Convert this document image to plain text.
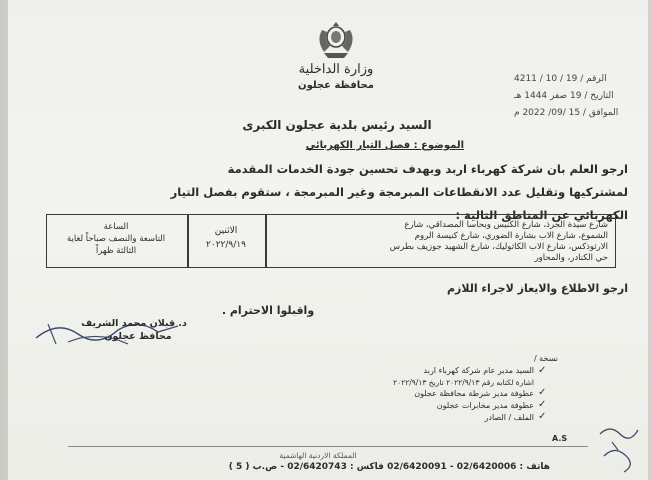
وزارة الداخلية
محافظة عجلون
الرقم / 19 / 10 / 4211
التاريخ / 19 صفر 1444 هـ
الموافق / 15 /09/ 2022 م
السيد رئيس بلدية عجلون الكبرى
الموضوع : فصل التيار الكهربائي
ارجو العلم بان شركة كهرباء اربد وبهدف تحسين جودة الخدمات المقدمة
لمشتركيها وتقليل عدد الانقطاعات المبرمجة وغير المبرمجة ، ستقوم بفصل التيار
الكهربائي عن المناطق التالية :
شارع سيدة الجرذ، شارع الكنيس وبحاسا المصداقي، شارع
الشموع، شارع الاب بشارة الضوري، شارع كنيسة الروم
الارثوذكس، شارع الاب الكاثوليك، شارع الشهيد جوزيف بطرس
حي الكنادر، والمحاور
الاثنين
٢٠٢٢/٩/١٩
الساعة
التاسعة والنصف صباحاً لغاية
الثالثة ظهراً
ارجو الاطلاع والايعاز لاجراء اللازم
واقبلوا الاحترام .
د. قبلان محمد الشريف
محافظ عجلون
نسخة /
✓
السيد مدير عام شركة كهرباء اربد
اشارة لكتابه رقم ٢٠٢٢/٩/١٣ تاريخ ٢٠٢٢/٩/١٣
✓
عطوفة مدير شرطة محافظة عجلون
✓
عطوفة مدير مخابرات عجلون
✓
الملف / الصادر
A.S
المملكة الاردنية الهاشمية
هاتف : 02/6420006 - 02/6420091 فاكس : 02/6420743 - ص.ب ( 5 )
